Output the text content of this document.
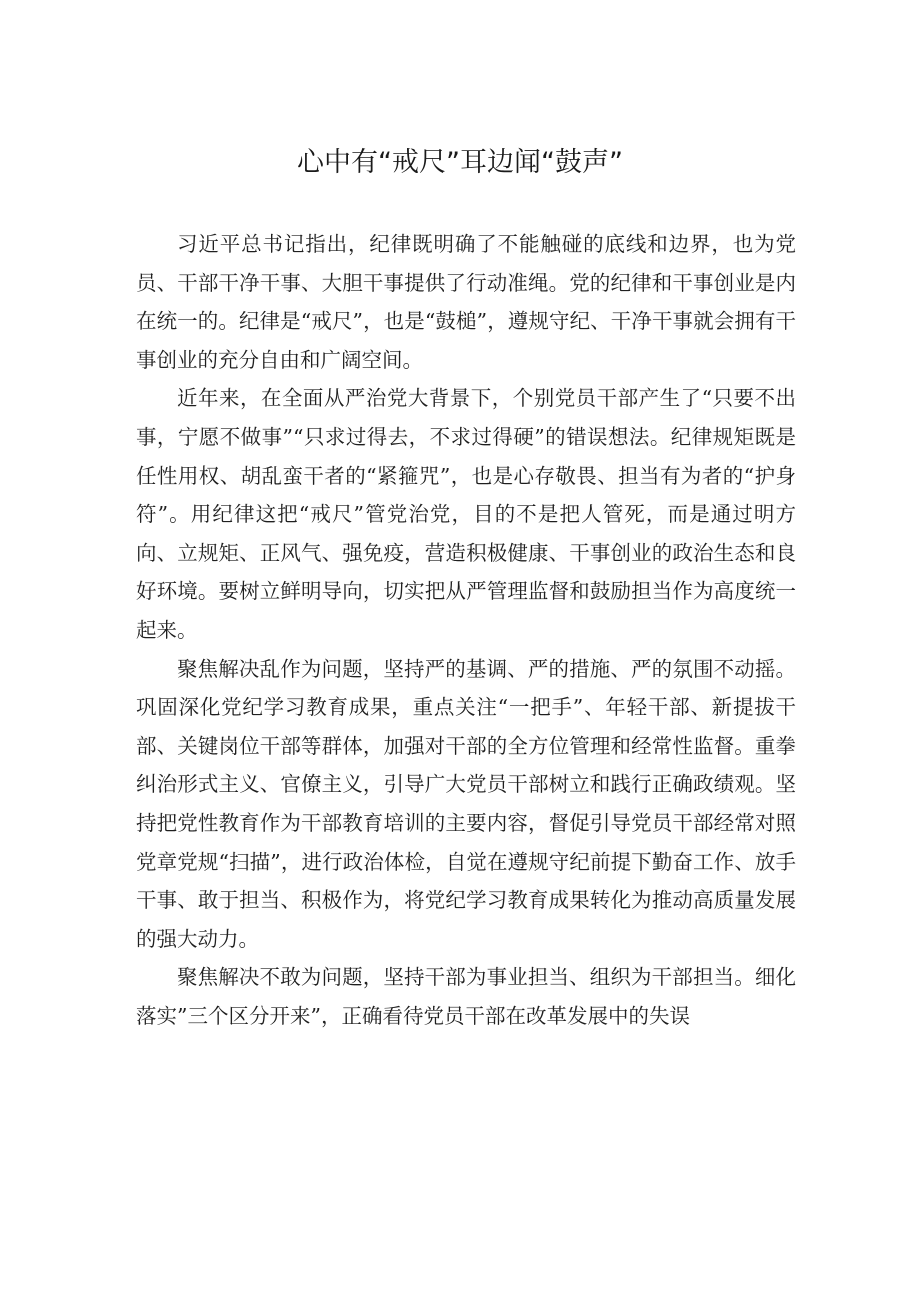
心中有“戒尺”耳边闻“鼓声”

习近平总书记指出，纪律既明确了不能触碰的底线和边界，也为党员、干部干净干事、大胆干事提供了行动准绳。党的纪律和干事创业是内在统一的。纪律是“戒尺”，也是“鼓槌”，遵规守纪、干净干事就会拥有干事创业的充分自由和广阔空间。

近年来，在全面从严治党大背景下，个别党员干部产生了“只要不出事，宁愿不做事”“只求过得去，不求过得硬”的错误想法。纪律规矩既是任性用权、胡乱蛮干者的“紧箍咒”，也是心存敬畏、担当有为者的“护身符”。用纪律这把“戒尺”管党治党，目的不是把人管死，而是通过明方向、立规矩、正风气、强免疫，营造积极健康、干事创业的政治生态和良好环境。要树立鲜明导向，切实把从严管理监督和鼓励担当作为高度统一起来。

聚焦解决乱作为问题，坚持严的基调、严的措施、严的氛围不动摇。巩固深化党纪学习教育成果，重点关注“一把手”、年轻干部、新提拔干部、关键岗位干部等群体，加强对干部的全方位管理和经常性监督。重拳纠治形式主义、官僚主义，引导广大党员干部树立和践行正确政绩观。坚持把党性教育作为干部教育培训的主要内容，督促引导党员干部经常对照党章党规“扫描”，进行政治体检，自觉在遵规守纪前提下勤奋工作、放手干事、敢于担当、积极作为，将党纪学习教育成果转化为推动高质量发展的强大动力。

聚焦解决不敢为问题，坚持干部为事业担当、组织为干部担当。细化落实”三个区分开来”，正确看待党员干部在改革发展中的失误
